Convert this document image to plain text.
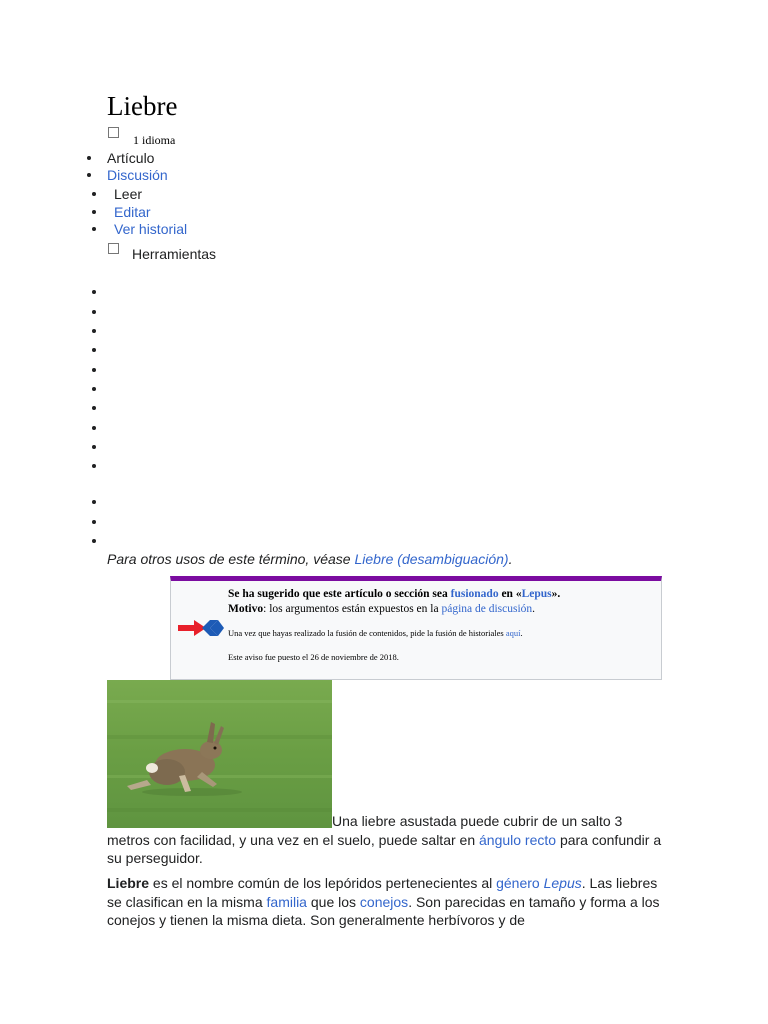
Liebre
1 idioma
Artículo
Discusión
Leer
Editar
Ver historial
Herramientas
Para otros usos de este término, véase Liebre (desambiguación).
Se ha sugerido que este artículo o sección sea fusionado en «Lepus».
Motivo: los argumentos están expuestos en la página de discusión.
Una vez que hayas realizado la fusión de contenidos, pide la fusión de historiales aquí.
Este aviso fue puesto el 26 de noviembre de 2018.
Una liebre asustada puede cubrir de un salto 3 metros con facilidad, y una vez en el suelo, puede saltar en ángulo recto para confundir a su perseguidor.
Liebre es el nombre común de los lepóridos pertenecientes al género Lepus. Las liebres se clasifican en la misma familia que los conejos. Son parecidas en tamaño y forma a los conejos y tienen la misma dieta. Son generalmente herbívoros y de
